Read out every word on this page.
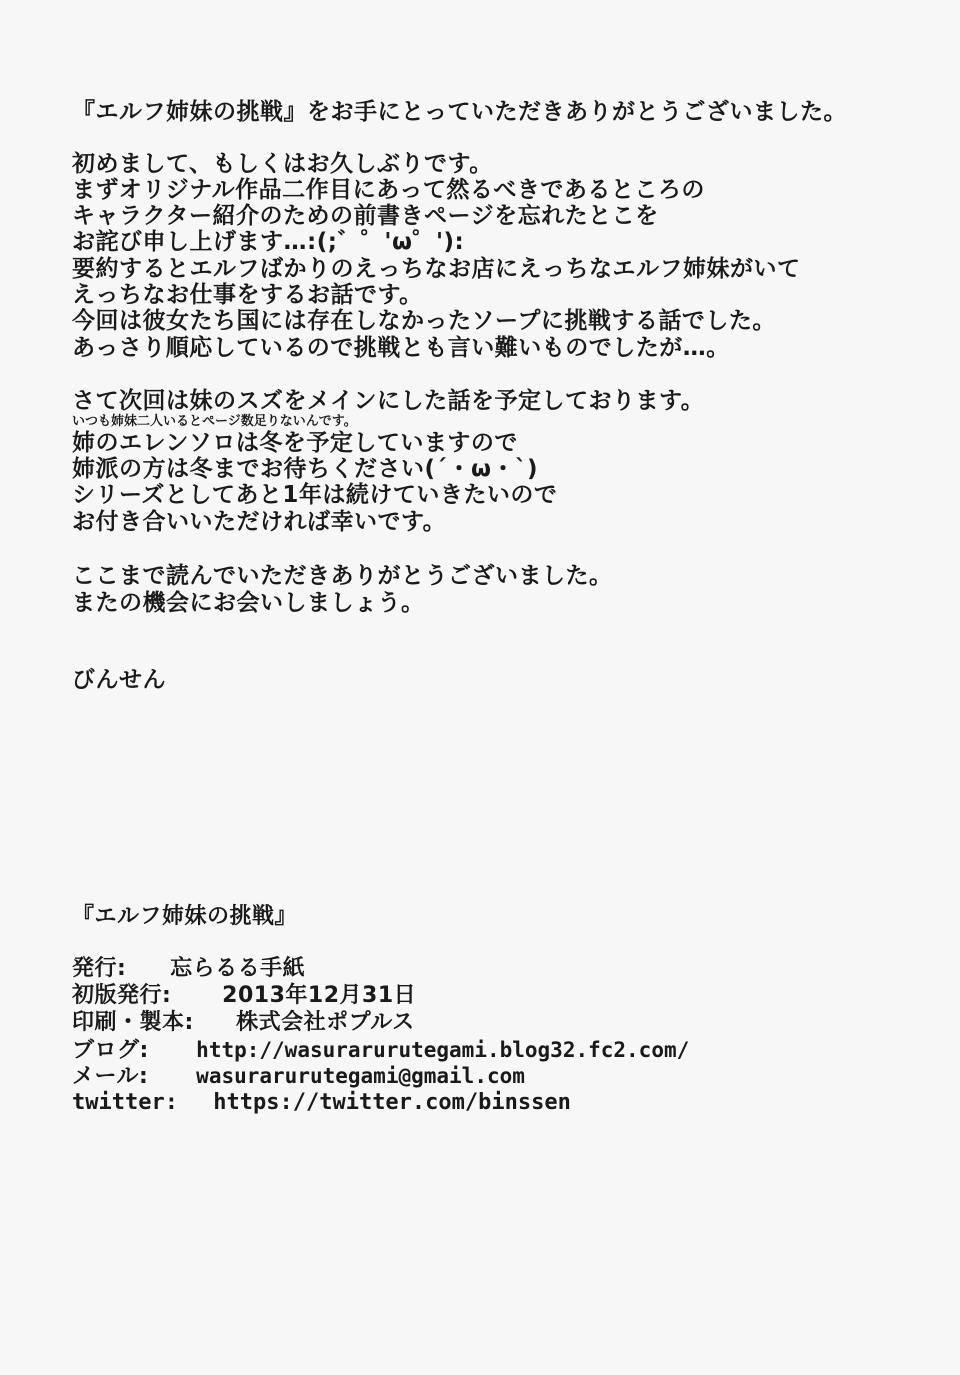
『エルフ姉妹の挑戦』をお手にとっていただきありがとうございました。
初めまして、もしくはお久しぶりです。
まずオリジナル作品二作目にあって然るべきであるところの
キャラクター紹介のための前書きページを忘れたとこを
お詫び申し上げます…:(;゛゜'ω゜'):
要約するとエルフばかりのえっちなお店にえっちなエルフ姉妹がいて
えっちなお仕事をするお話です。
今回は彼女たち国には存在しなかったソープに挑戦する話でした。
あっさり順応しているので挑戦とも言い難いものでしたが…。
さて次回は妹のスズをメインにした話を予定しております。
いつも姉妹二人いるとページ数足りないんです。
姉のエレンソロは冬を予定していますので
姉派の方は冬までお待ちください(´・ω・`)
シリーズとしてあと1年は続けていきたいので
お付き合いいただければ幸いです。
ここまで読んでいただきありがとうございました。
またの機会にお会いしましょう。
びんせん
『エルフ姉妹の挑戦』
発行: 忘らるる手紙
初版発行: 2013年12月31日
印刷・製本: 株式会社ポプルス
ブログ: http://wasurarurutegami.blog32.fc2.com/
メール: wasurarurutegami@gmail.com
twitter: https://twitter.com/binssen
